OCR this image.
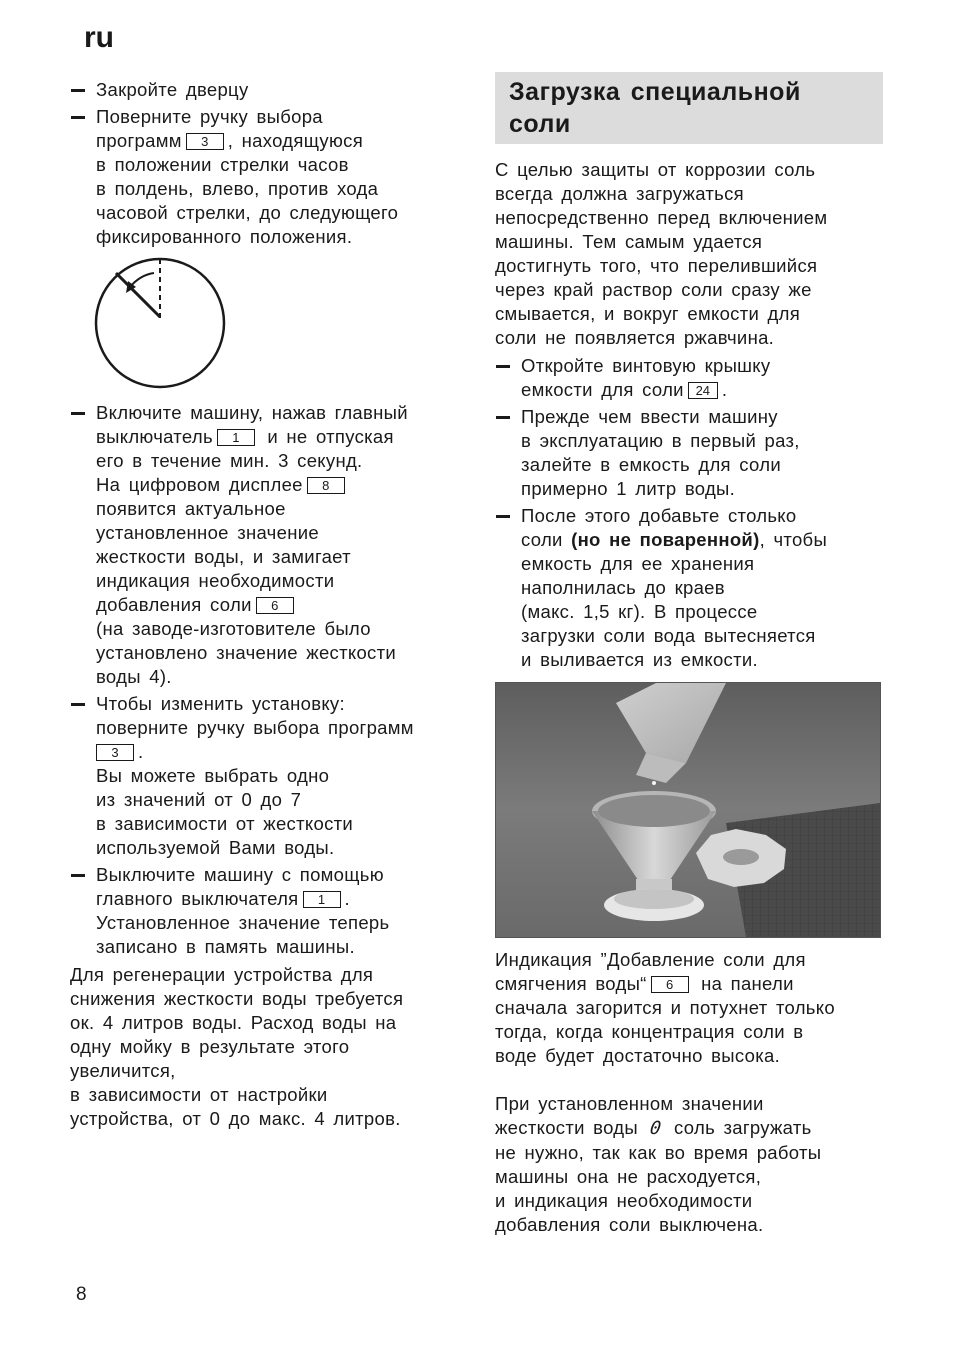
ru
Закройте дверцу
Поверните ручку выбора
программ 3 , находящуюся
в положении стрелки часов
в полдень, влево, против хода
часовой стрелки, до следующего
фиксированного положения.
Включите машину, нажав главный
выключатель 1 и не отпуская
его в течение мин. 3 секунд.
На цифровом дисплее 8
появится актуальное
установленное значение
жесткости воды, и замигает
индикация необходимости
добавления соли 6
(на заводе-изготовителе было
установлено значение жесткости
воды 4).
Чтобы изменить установку:
поверните ручку выбора программ
3 .
Вы можете выбрать одно
из значений от 0 до 7
в зависимости от жесткости
используемой Вами воды.
Выключите машину с помощью
главного выключателя 1 .
Установленное значение теперь
записано в память машины.
Для регенерации устройства для
снижения жесткости воды требуется
ок. 4 литров воды. Расход воды на
одну мойку в результате этого
увеличится,
в зависимости от настройки
устройства, от 0 до макс. 4 литров.
Загрузка специальной
соли
С целью защиты от коррозии соль
всегда должна загружаться
непосредственно перед включением
машины. Тем самым удается
достигнуть того, что перелившийся
через край раствор соли сразу же
смывается, и вокруг емкости для
соли не появляется ржавчина.
Откройте винтовую крышку
емкости для соли 24 .
Прежде чем ввести машину
в эксплуатацию в первый раз,
залейте в емкость для соли
примерно 1 литр воды.
После этого добавьте столько
соли (но не поваренной), чтобы
емкость для ее хранения
наполнилась до краев
(макс. 1,5 кг). В процессе
загрузки соли вода вытесняется
и выливается из емкости.
Индикация ”Добавление соли для
смягчения воды“ 6 на панели
сначала загорится и потухнет только
тогда, когда концентрация соли в
воде будет достаточно высока.
При установленном значении
жесткости воды 0 соль загружать
не нужно, так как во время работы
машины она не расходуется,
и индикация необходимости
добавления соли выключена.
8
